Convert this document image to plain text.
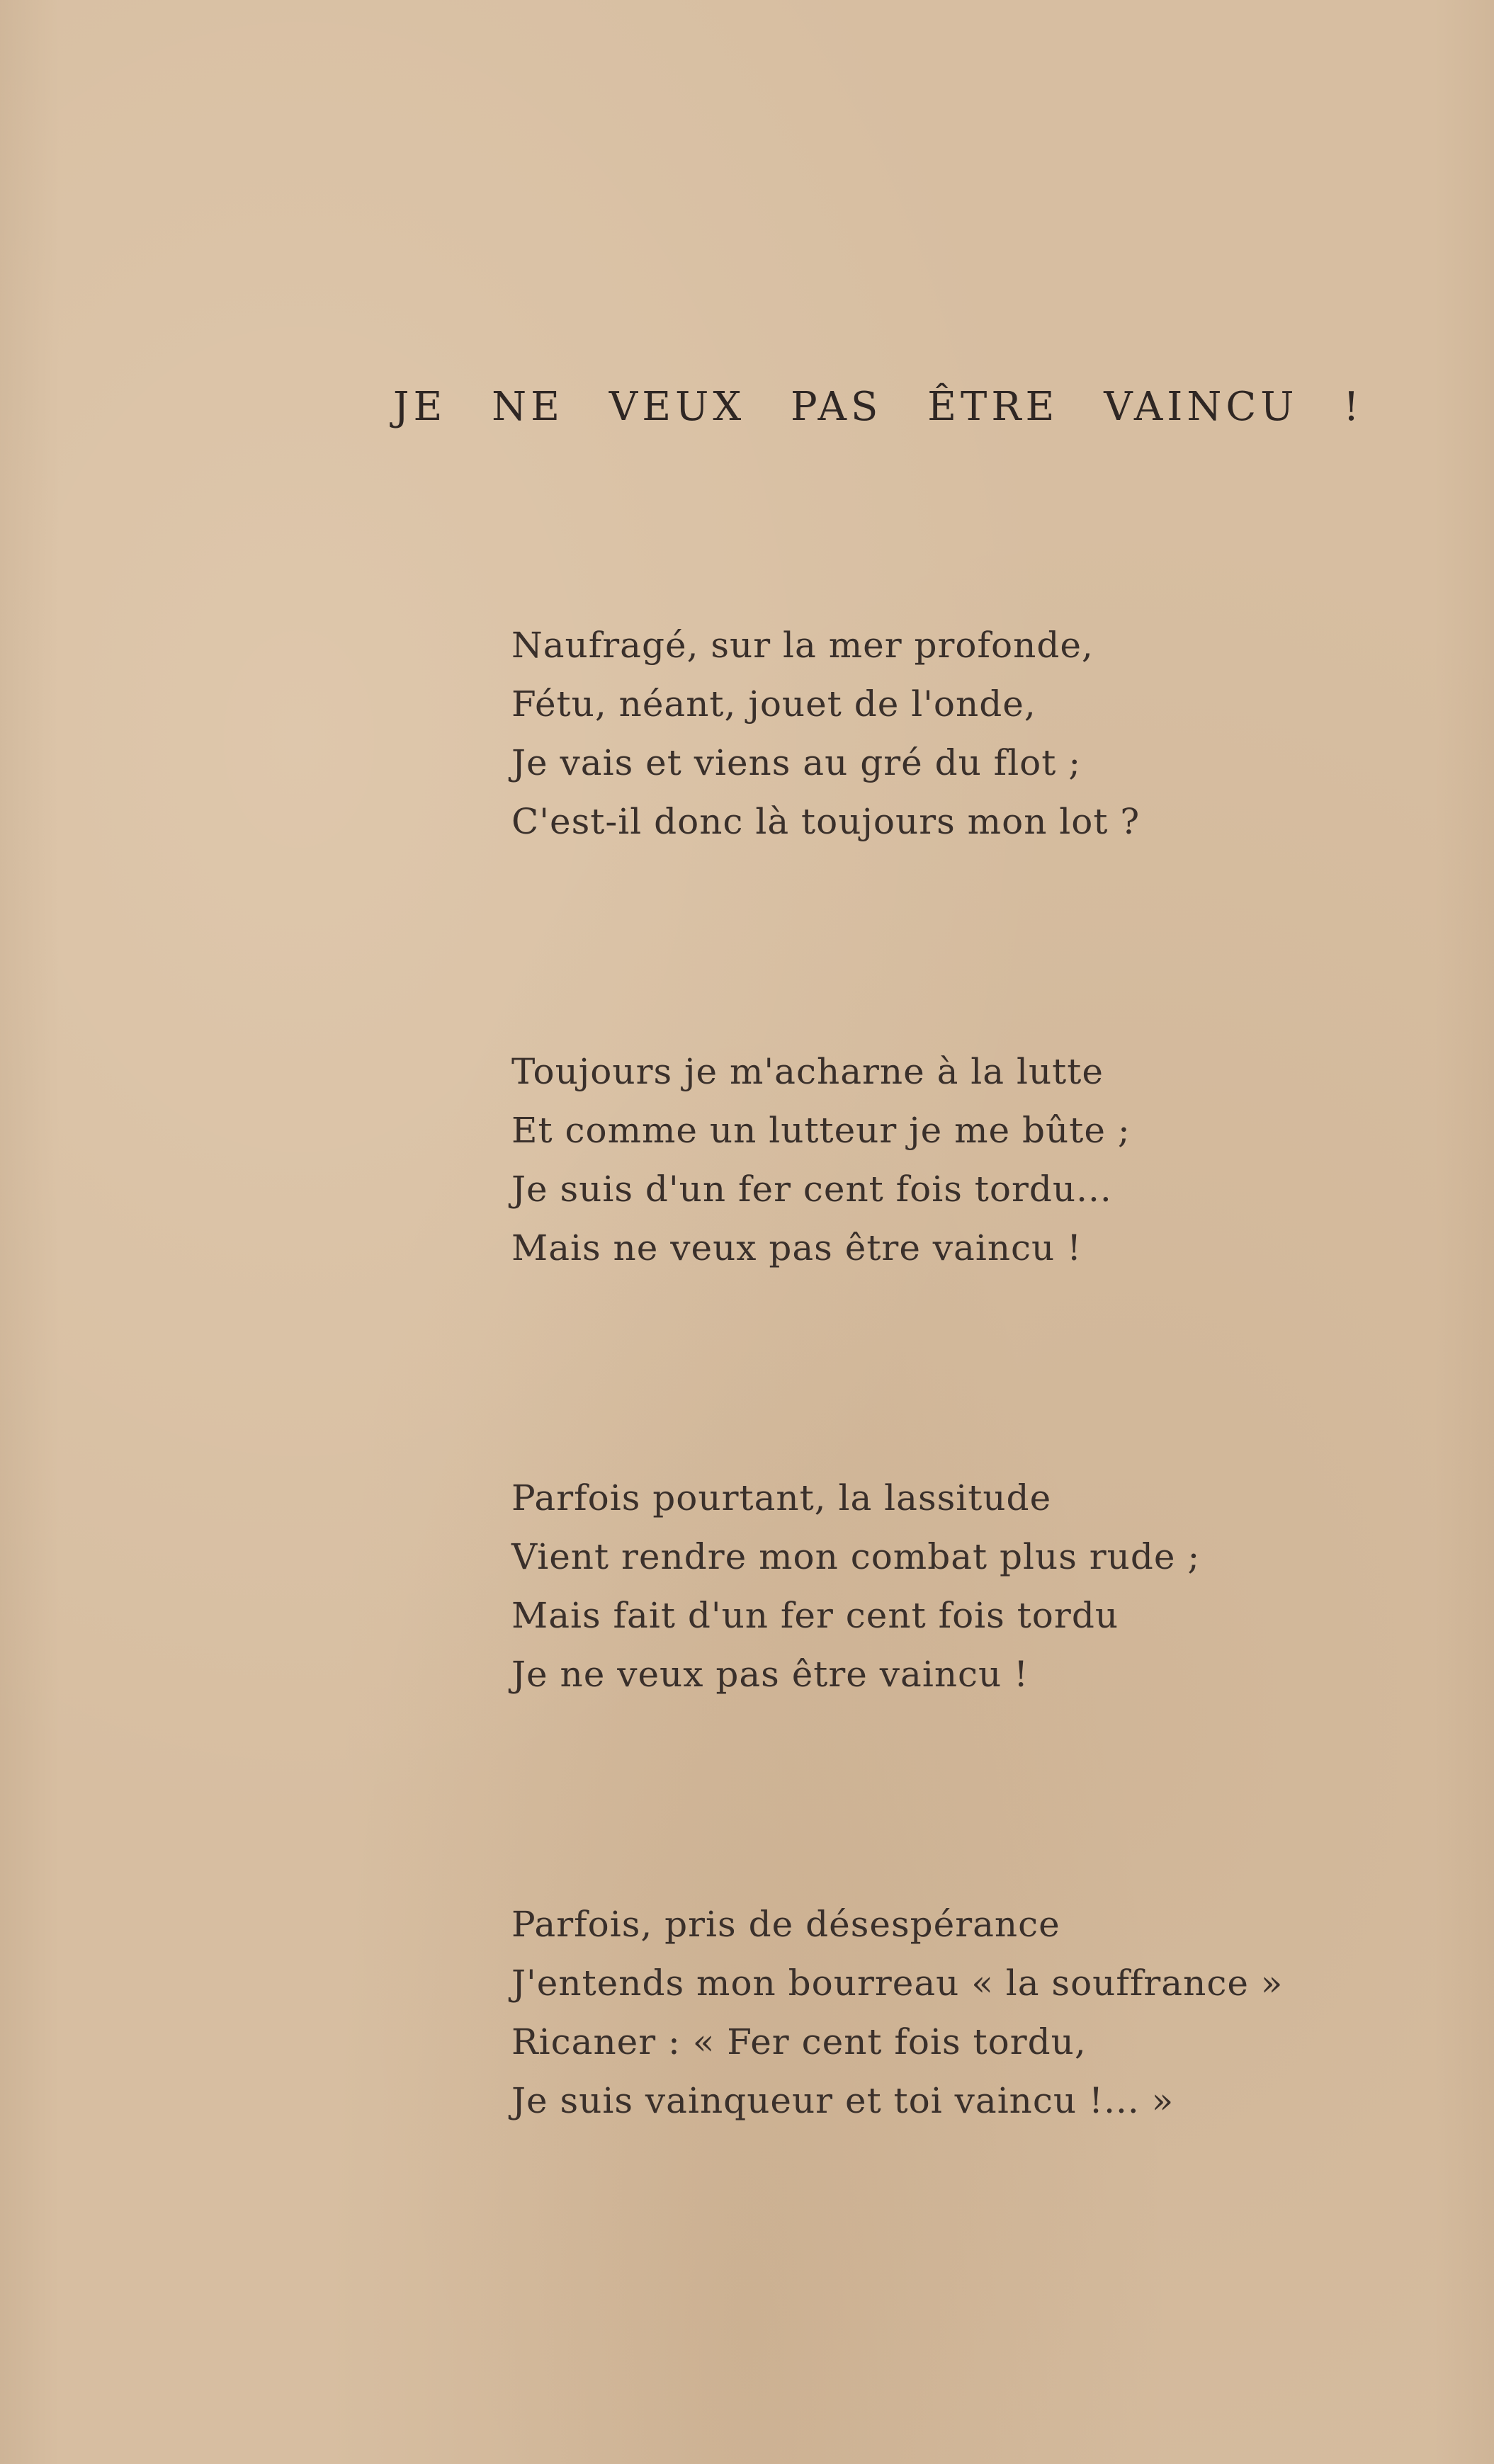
JE NE VEUX PAS ÊTRE VAINCU !
Naufragé, sur la mer profonde,
Fétu, néant, jouet de l'onde,
Je vais et viens au gré du flot ;
C'est-il donc là toujours mon lot ?
Toujours je m'acharne à la lutte
Et comme un lutteur je me bûte ;
Je suis d'un fer cent fois tordu...
Mais ne veux pas être vaincu !
Parfois pourtant, la lassitude
Vient rendre mon combat plus rude ;
Mais fait d'un fer cent fois tordu
Je ne veux pas être vaincu !
Parfois, pris de désespérance
J'entends mon bourreau « la souffrance »
Ricaner : « Fer cent fois tordu,
Je suis vainqueur et toi vaincu !... »
